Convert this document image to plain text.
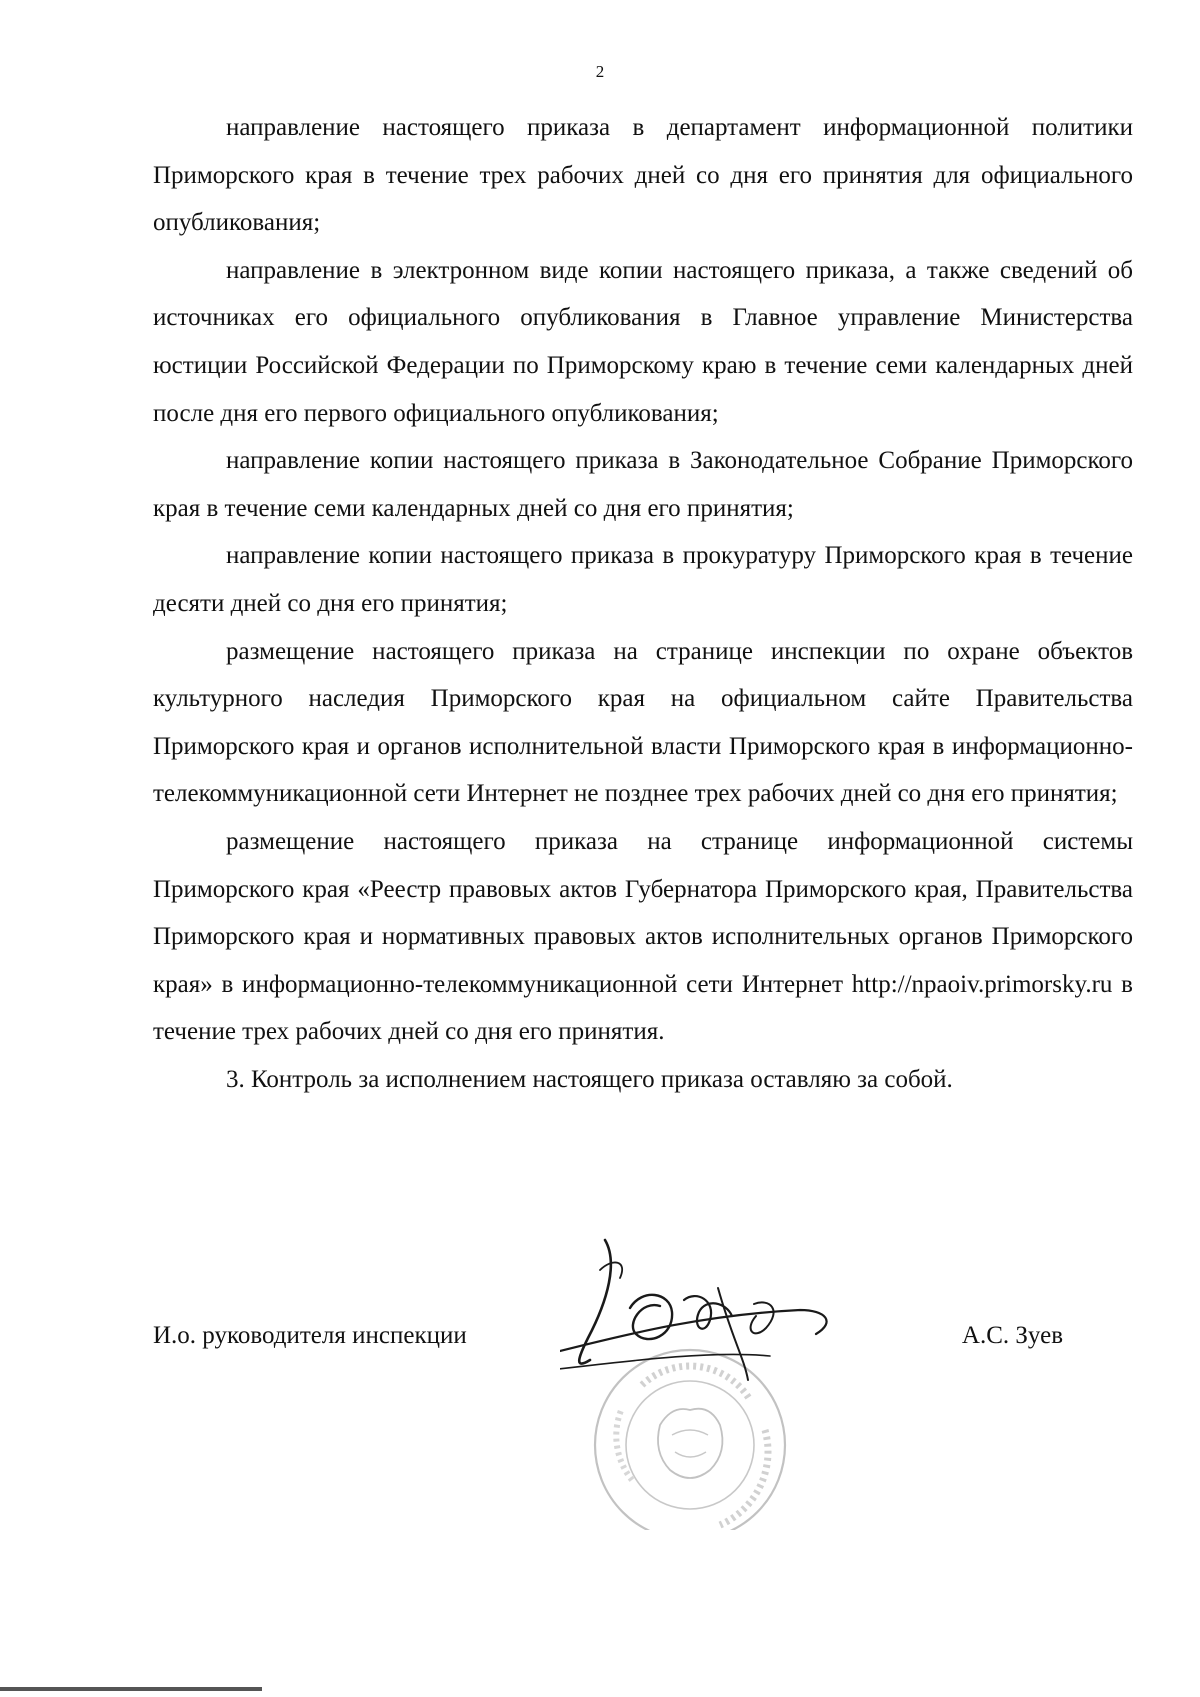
2

направление настоящего приказа в департамент информационной политики Приморского края в течение трех рабочих дней со дня его принятия для официального опубликования;

направление в электронном виде копии настоящего приказа, а также сведений об источниках его официального опубликования в Главное управление Министерства юстиции Российской Федерации по Приморскому краю в течение семи календарных дней после дня его первого официального опубликования;

направление копии настоящего приказа в Законодательное Собрание Приморского края в течение семи календарных дней со дня его принятия;

направление копии настоящего приказа в прокуратуру Приморского края в течение десяти дней со дня его принятия;

размещение настоящего приказа на странице инспекции по охране объектов культурного наследия Приморского края на официальном сайте Правительства Приморского края и органов исполнительной власти Приморского края в информационно-телекоммуникационной сети Интернет не позднее трех рабочих дней со дня его принятия;

размещение настоящего приказа на странице информационной системы Приморского края «Реестр правовых актов Губернатора Приморского края, Правительства Приморского края и нормативных правовых актов исполнительных органов Приморского края» в информационно-телекоммуникационной сети Интернет http://npaoiv.primorsky.ru в течение трех рабочих дней со дня его принятия.

3. Контроль за исполнением настоящего приказа оставляю за собой.

И.о. руководителя инспекции	А.С. Зуев
